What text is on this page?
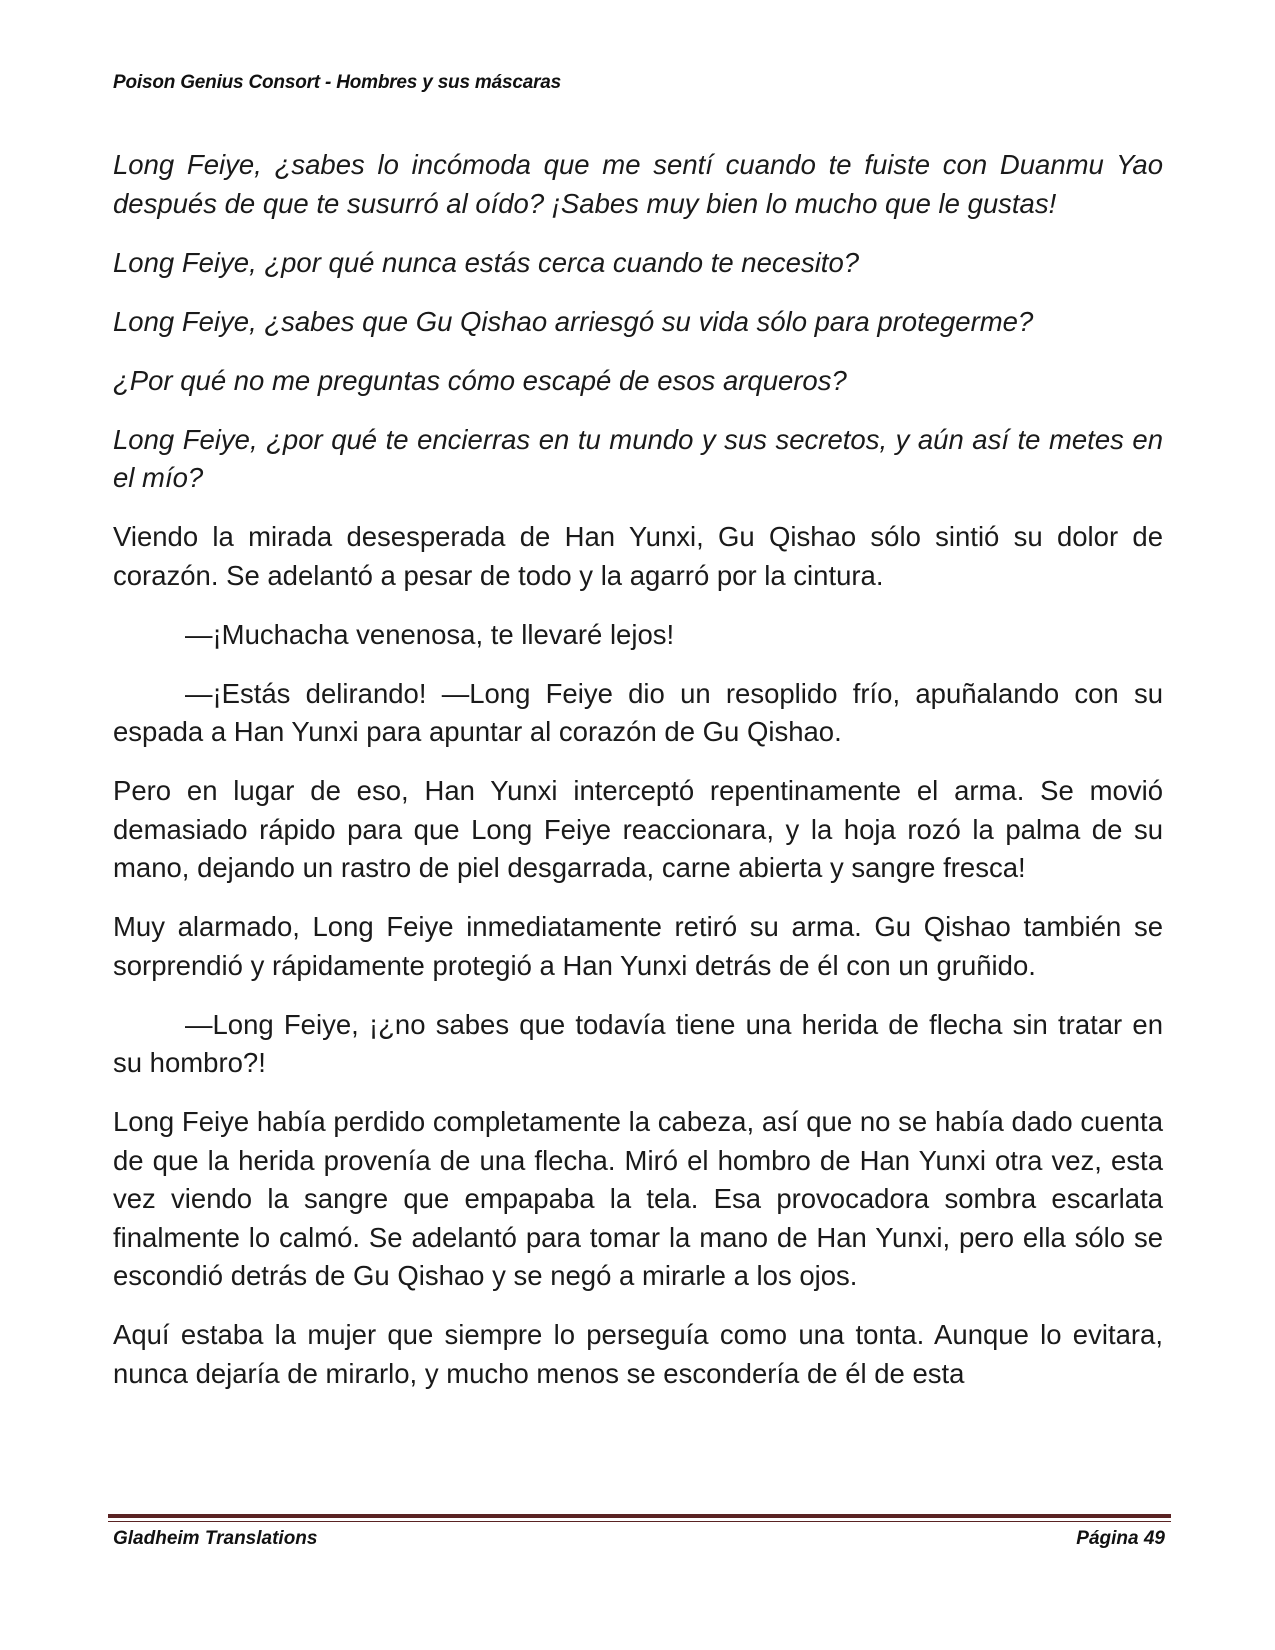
Poison Genius Consort - Hombres y sus máscaras

Long Feiye, ¿sabes lo incómoda que me sentí cuando te fuiste con Duanmu Yao después de que te susurró al oído? ¡Sabes muy bien lo mucho que le gustas!

Long Feiye, ¿por qué nunca estás cerca cuando te necesito?

Long Feiye, ¿sabes que Gu Qishao arriesgó su vida sólo para protegerme?

¿Por qué no me preguntas cómo escapé de esos arqueros?

Long Feiye, ¿por qué te encierras en tu mundo y sus secretos, y aún así te metes en el mío?

Viendo la mirada desesperada de Han Yunxi, Gu Qishao sólo sintió su dolor de corazón. Se adelantó a pesar de todo y la agarró por la cintura.

—¡Muchacha venenosa, te llevaré lejos!

—¡Estás delirando! —Long Feiye dio un resoplido frío, apuñalando con su espada a Han Yunxi para apuntar al corazón de Gu Qishao.

Pero en lugar de eso, Han Yunxi interceptó repentinamente el arma. Se movió demasiado rápido para que Long Feiye reaccionara, y la hoja rozó la palma de su mano, dejando un rastro de piel desgarrada, carne abierta y sangre fresca!

Muy alarmado, Long Feiye inmediatamente retiró su arma. Gu Qishao también se sorprendió y rápidamente protegió a Han Yunxi detrás de él con un gruñido.

—Long Feiye, ¡¿no sabes que todavía tiene una herida de flecha sin tratar en su hombro?!

Long Feiye había perdido completamente la cabeza, así que no se había dado cuenta de que la herida provenía de una flecha. Miró el hombro de Han Yunxi otra vez, esta vez viendo la sangre que empapaba la tela. Esa provocadora sombra escarlata finalmente lo calmó. Se adelantó para tomar la mano de Han Yunxi, pero ella sólo se escondió detrás de Gu Qishao y se negó a mirarle a los ojos.

Aquí estaba la mujer que siempre lo perseguía como una tonta. Aunque lo evitara, nunca dejaría de mirarlo, y mucho menos se escondería de él de esta

Gladheim Translations	Página 49
